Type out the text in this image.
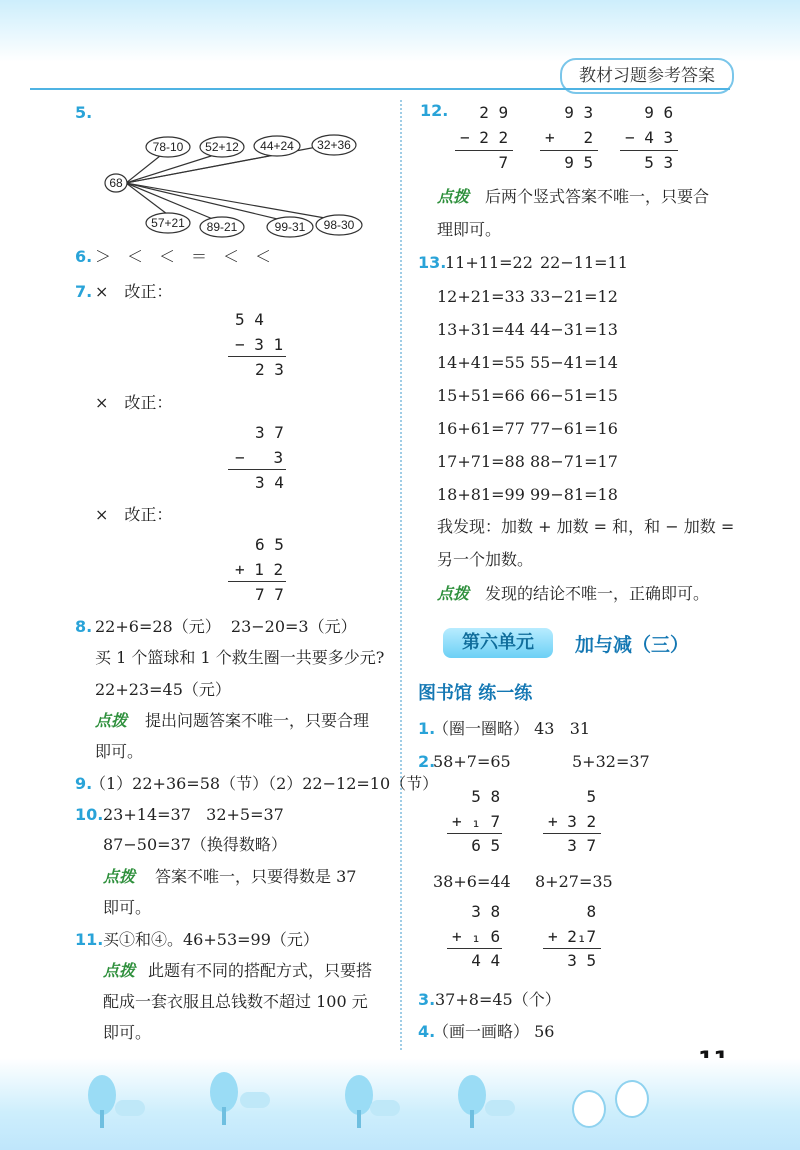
教材习题参考答案
5.
68
78-10 52+12 44+24 32+36
57+21 89-21	99-31 98-30
6. ＞　＜　＜　＝　＜　＜
7. ×　改正：
5 4
− 3 1
2 3
×　改正：
3 7
−   3
3 4
×　改正：
6 5
+ 1 2
7 7
8. 22+6=28（元）  23−20=3（元）
买 1 个篮球和 1 个救生圈一共要多少元?
22+23=45（元）
点拨 提出问题答案不唯一，只要合理
即可。
9.
（1）22+36=58（节）（2）22−12=10（节）
10. 23+14=37   32+5=37
87−50=37（换得数略）
点拨 答案不唯一，只要得数是 37
即可。
11. 买①和④。46+53=99（元）
点拨 此题有不同的搭配方式，只要搭
配成一套衣服且总钱数不超过 100 元
即可。
12. 2 9
− 2 2
7
9 3
+   2
9 5
9 6
− 4 3
5 3
点拨 后两个竖式答案不唯一，只要合
理即可。
13.
11+11=22 22−11=11
12+21=33 33−21=12
13+31=44 44−31=13
14+41=55 55−41=14
15+51=66 66−51=15
16+61=77 77−61=16
17+71=88 88−71=17
18+81=99 99−81=18
我发现：加数 + 加数 = 和，和 − 加数 =
另一个加数。
点拨 发现的结论不唯一，正确即可。
第六单元	加与减（三）
图书馆 练一练
1.
（圈一圈略） 43   31
2.
58+7=65	5+32=37
5 8
+ ₁ 7
6 5
5
+ 3 2
3 7
38+6=44 8+27=35
3 8
+ ₁ 6
4 4
8
+ 2₁7
3 5
3. 37+8=45（个）
4.
（画一画略） 56
